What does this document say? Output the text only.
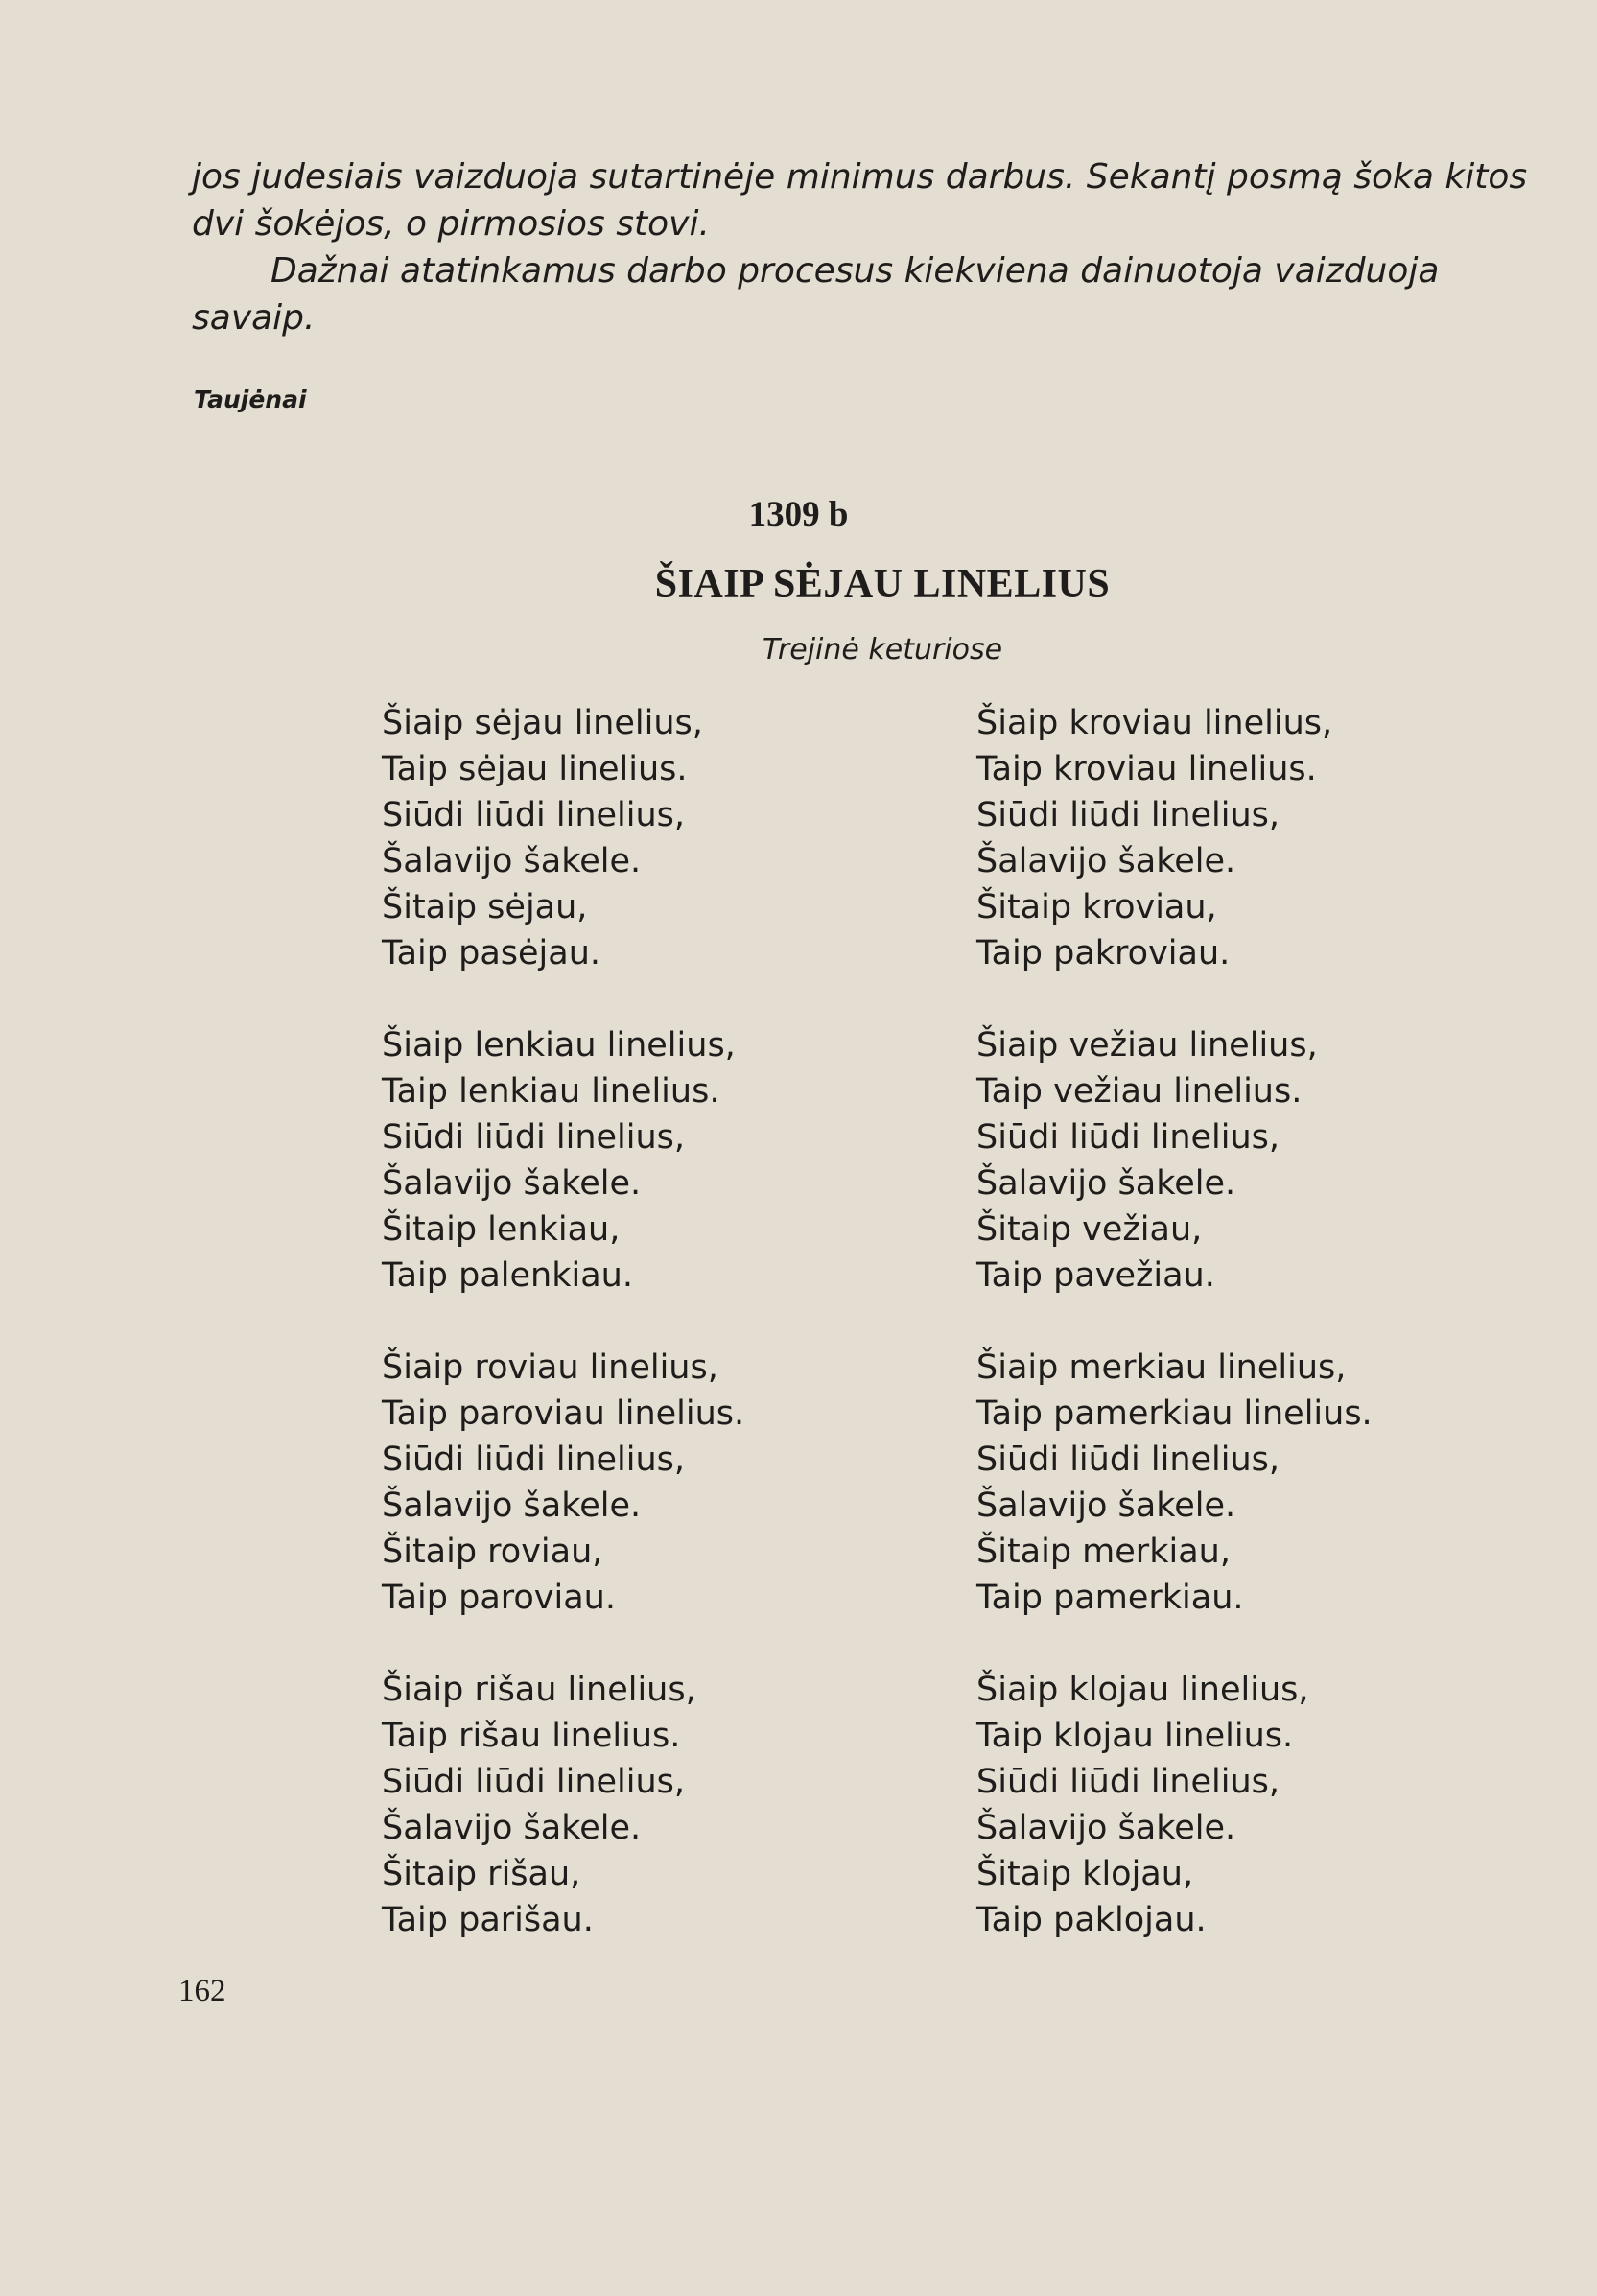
jos judesiais vaizduoja sutartinėje minimus darbus. Sekantį posmą šoka kitos dvi šokėjos, o pirmosios stovi.

Dažnai atatinkamus darbo procesus kiekviena dainuotoja vaizduoja savaip.

Taujėnai
1309 b
ŠIAIP SĖJAU LINELIUS
Trejinė keturiose
Šiaip sėjau linelius,
Taip sėjau linelius.
Siūdi liūdi linelius,
Šalavijo šakele.
Šitaip sėjau,
Taip pasėjau.
Šiaip lenkiau linelius,
Taip lenkiau linelius.
Siūdi liūdi linelius,
Šalavijo šakele.
Šitaip lenkiau,
Taip palenkiau.
Šiaip roviau linelius,
Taip paroviau linelius.
Siūdi liūdi linelius,
Šalavijo šakele.
Šitaip roviau,
Taip paroviau.
Šiaip rišau linelius,
Taip rišau linelius.
Siūdi liūdi linelius,
Šalavijo šakele.
Šitaip rišau,
Taip parišau.
Šiaip kroviau linelius,
Taip kroviau linelius.
Siūdi liūdi linelius,
Šalavijo šakele.
Šitaip kroviau,
Taip pakroviau.
Šiaip vežiau linelius,
Taip vežiau linelius.
Siūdi liūdi linelius,
Šalavijo šakele.
Šitaip vežiau,
Taip pavežiau.
Šiaip merkiau linelius,
Taip pamerkiau linelius.
Siūdi liūdi linelius,
Šalavijo šakele.
Šitaip merkiau,
Taip pamerkiau.
Šiaip klojau linelius,
Taip klojau linelius.
Siūdi liūdi linelius,
Šalavijo šakele.
Šitaip klojau,
Taip paklojau.
162
